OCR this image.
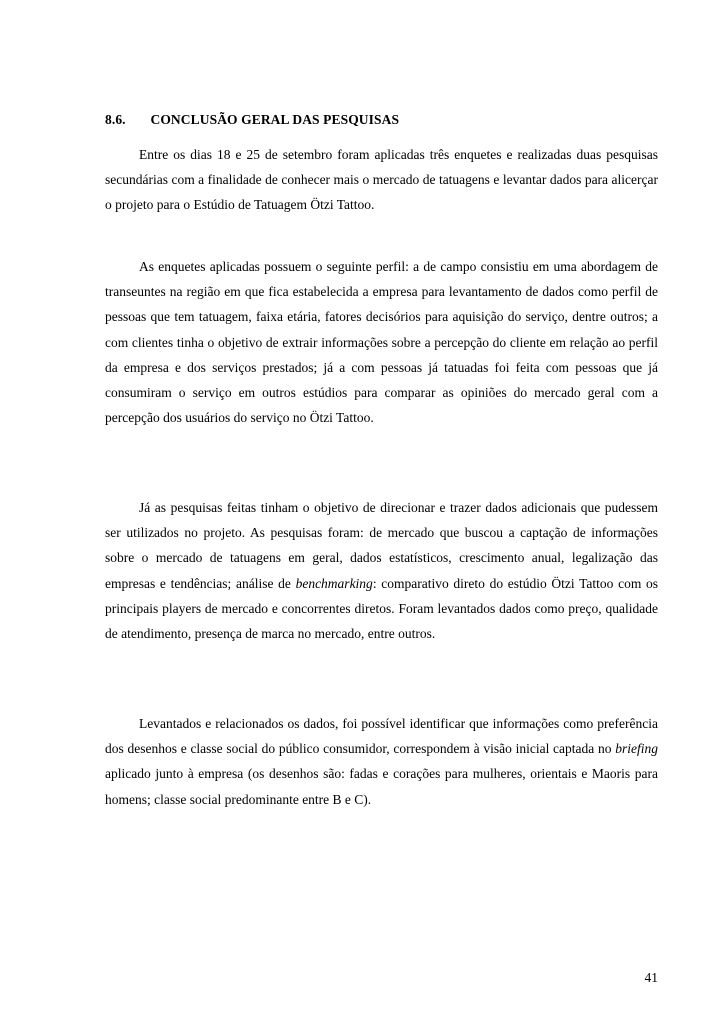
8.6. CONCLUSÃO GERAL DAS PESQUISAS

Entre os dias 18 e 25 de setembro foram aplicadas três enquetes e realizadas duas pesquisas secundárias com a finalidade de conhecer mais o mercado de tatuagens e levantar dados para alicerçar o projeto para o Estúdio de Tatuagem Ötzi Tattoo.

As enquetes aplicadas possuem o seguinte perfil: a de campo consistiu em uma abordagem de transeuntes na região em que fica estabelecida a empresa para levantamento de dados como perfil de pessoas que tem tatuagem, faixa etária, fatores decisórios para aquisição do serviço, dentre outros; a com clientes tinha o objetivo de extrair informações sobre a percepção do cliente em relação ao perfil da empresa e dos serviços prestados; já a com pessoas já tatuadas foi feita com pessoas que já consumiram o serviço em outros estúdios para comparar as opiniões do mercado geral com a percepção dos usuários do serviço no Ötzi Tattoo.

Já as pesquisas feitas tinham o objetivo de direcionar e trazer dados adicionais que pudessem ser utilizados no projeto. As pesquisas foram: de mercado que buscou a captação de informações sobre o mercado de tatuagens em geral, dados estatísticos, crescimento anual, legalização das empresas e tendências; análise de benchmarking: comparativo direto do estúdio Ötzi Tattoo com os principais players de mercado e concorrentes diretos. Foram levantados dados como preço, qualidade de atendimento, presença de marca no mercado, entre outros.

Levantados e relacionados os dados, foi possível identificar que informações como preferência dos desenhos e classe social do público consumidor, correspondem à visão inicial captada no briefing aplicado junto à empresa (os desenhos são: fadas e corações para mulheres, orientais e Maoris para homens; classe social predominante entre B e C).

41
